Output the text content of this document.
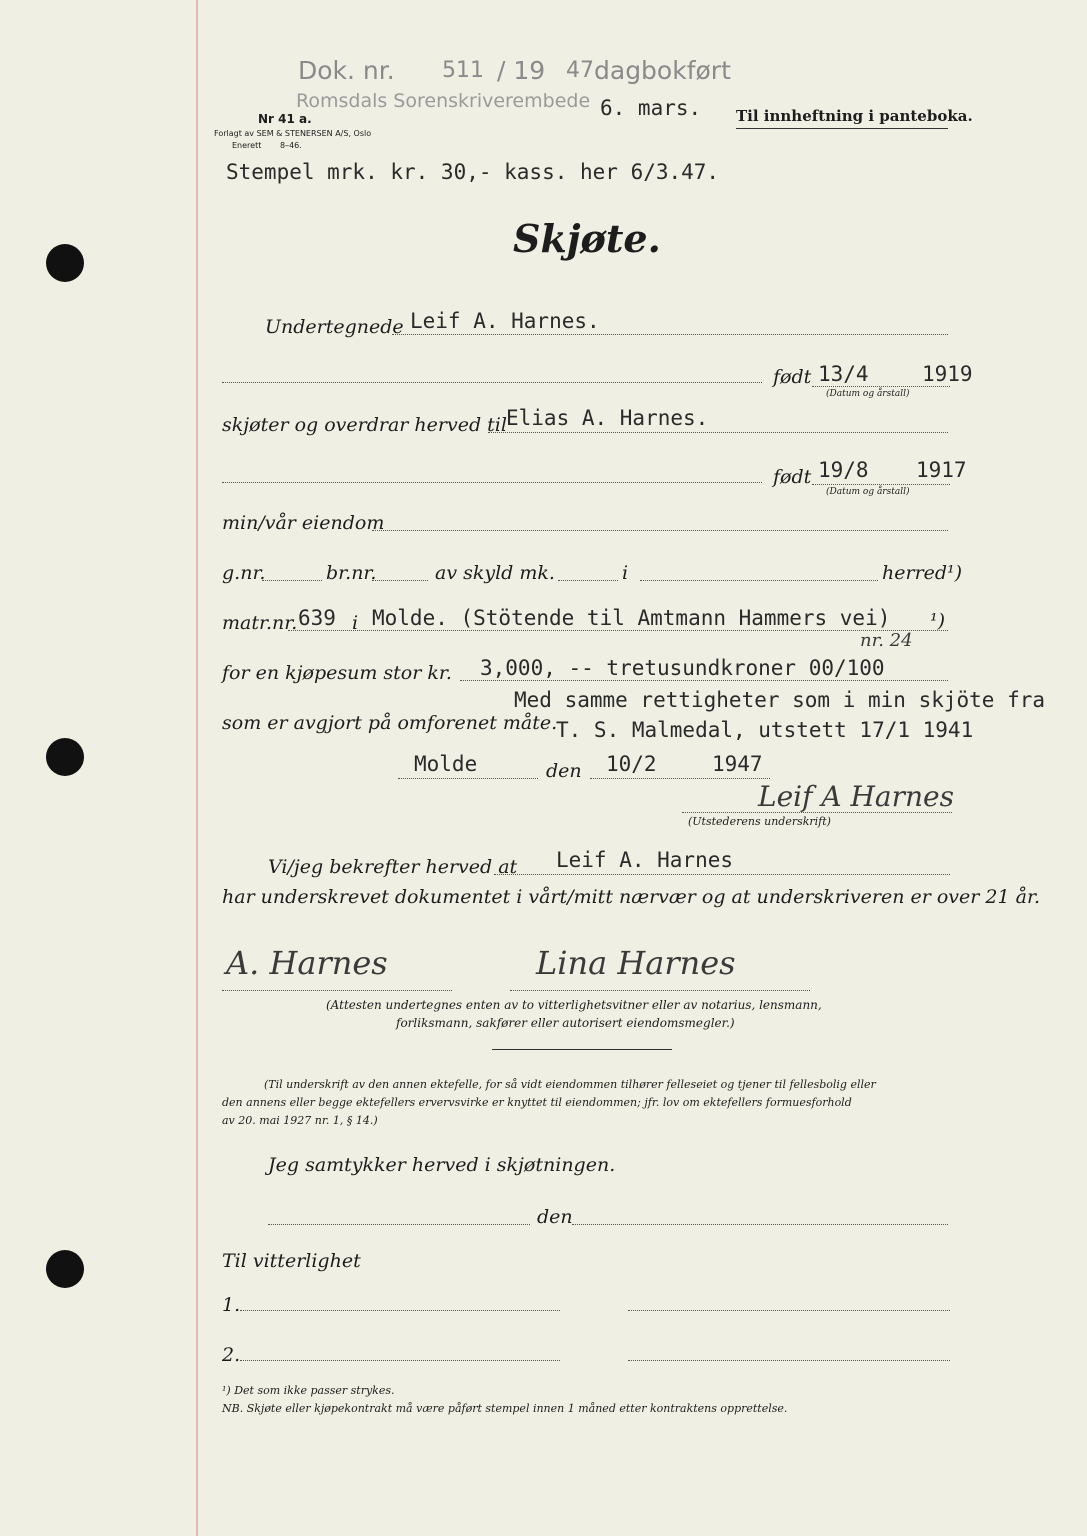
Dok. nr. 511 / 19 47 dagbokført
Romsdals Sorenskriverembede 6. mars. Til innheftning i panteboka.
Nr 41 a.
Forlagt av SEM & STENERSEN A/S, Oslo
Enerett 8–46.
Stempel mrk. kr. 30,- kass. her 6/3.47.
Skjøte.
Undertegnede Leif A. Harnes.
født 13/4	1919
(Datum og årstall)
skjøter og overdrar herved til Elias A. Harnes.
født 19/8 1917
(Datum og årstall)
min/vår eiendom
g.nr.	br.nr.	av skyld mk.	i	herred¹)
matr.nr. 639 i Molde. (Stötende til Amtmann Hammers vei) ¹)
nr. 24
for en kjøpesum stor kr. 3,000, -- tretusundkroner 00/100
Med samme rettigheter som i min skjöte fra
som er avgjort på omforenet måte.
T. S. Malmedal, utstett 17/1 1941
Molde	den 10/2	1947
Leif A Harnes
(Utstederens underskrift)
Vi/jeg bekrefter herved at Leif A. Harnes
har underskrevet dokumentet i vårt/mitt nærvær og at underskriveren er over 21 år.
A. Harnes	Lina Harnes
(Attesten undertegnes enten av to vitterlighetsvitner eller av notarius, lensmann,
forliksmann, sakfører eller autorisert eiendomsmegler.)
(Til underskrift av den annen ektefelle, for så vidt eiendommen tilhører felleseiet og tjener til fellesbolig eller
den annens eller begge ektefellers ervervsvirke er knyttet til eiendommen; jfr. lov om ektefellers formuesforhold
av 20. mai 1927 nr. 1, § 14.)
Jeg samtykker herved i skjøtningen.
den
Til vitterlighet
1.
2.
¹) Det som ikke passer strykes.
NB. Skjøte eller kjøpekontrakt må være påført stempel innen 1 måned etter kontraktens opprettelse.
